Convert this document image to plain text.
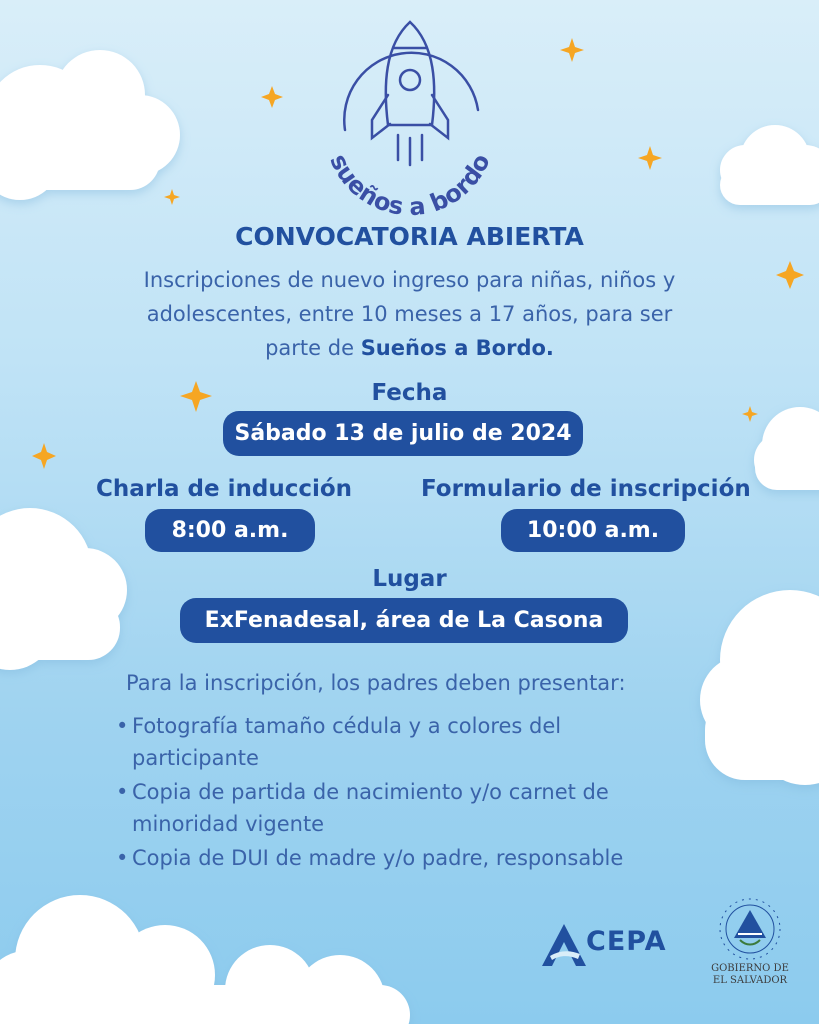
sueños a bordo
CONVOCATORIA ABIERTA
Inscripciones de nuevo ingreso para niñas, niños y
adolescentes, entre 10 meses a 17 años, para ser
parte de Sueños a Bordo.
Fecha
Sábado 13 de julio de 2024
Charla de inducción
8:00 a.m.
Formulario de inscripción
10:00 a.m.
Lugar
ExFenadesal, área de La Casona
Para la inscripción, los padres deben presentar:
• Fotografía tamaño cédula y a colores del
participante
• Copia de partida de nacimiento y/o carnet de
minoridad vigente
• Copia de DUI de madre y/o padre, responsable
CEPA
GOBIERNO DE
EL SALVADOR
